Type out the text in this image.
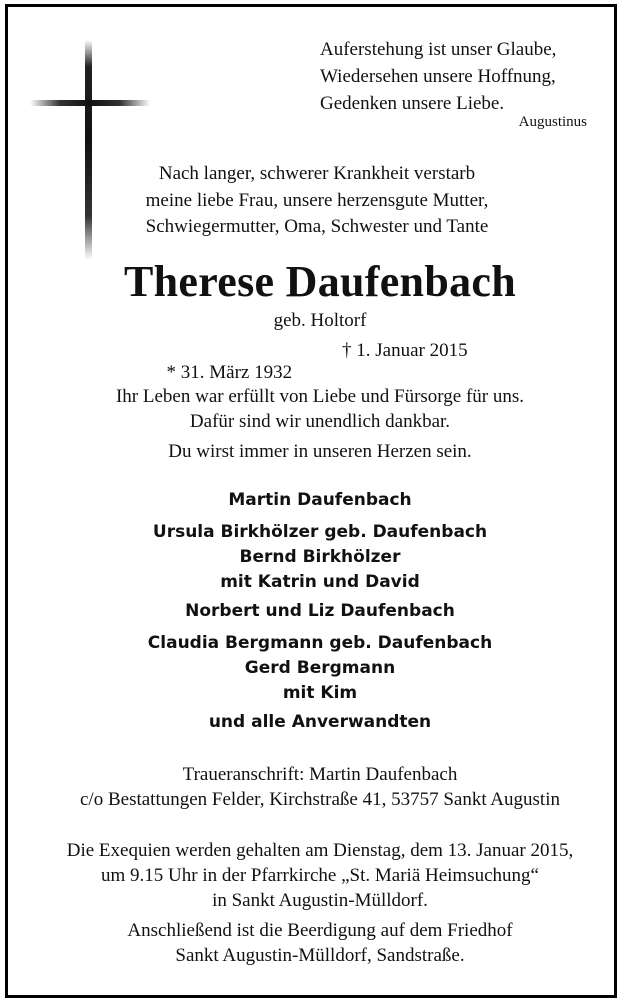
Auferstehung ist unser Glaube,
Wiedersehen unsere Hoffnung,
Gedenken unsere Liebe.
Augustinus
Nach langer, schwerer Krankheit verstarb
meine liebe Frau, unsere herzensgute Mutter,
Schwiegermutter, Oma, Schwester und Tante
Therese Daufenbach
geb. Holtorf

* 31. März 1932

† 1. Januar 2015

Ihr Leben war erfüllt von Liebe und Fürsorge für uns.
Dafür sind wir unendlich dankbar.
Du wirst immer in unseren Herzen sein.
Martin Daufenbach
Ursula Birkhölzer geb. Daufenbach
Bernd Birkhölzer
mit Katrin und David
Norbert und Liz Daufenbach
Claudia Bergmann geb. Daufenbach
Gerd Bergmann
mit Kim
und alle Anverwandten
Traueranschrift: Martin Daufenbach
c/o Bestattungen Felder, Kirchstraße 41, 53757 Sankt Augustin
Die Exequien werden gehalten am Dienstag, dem 13. Januar 2015,
um 9.15 Uhr in der Pfarrkirche „St. Mariä Heimsuchung“
in Sankt Augustin-Mülldorf.
Anschließend ist die Beerdigung auf dem Friedhof
Sankt Augustin-Mülldorf, Sandstraße.
